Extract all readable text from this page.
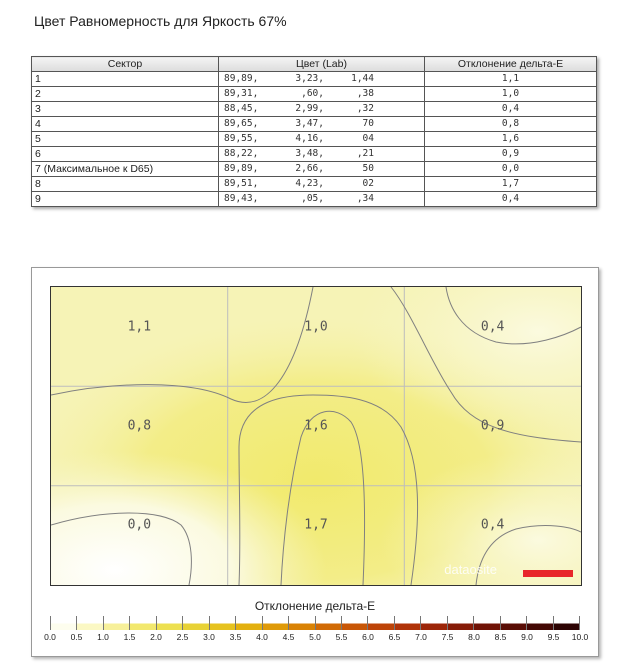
Цвет Равномерность для Яркость 67%
Сектор	Цвет (Lab)	Отклонение дельта-Е
1	89,89, 3,23, 1,44	1,1
2	89,31, ,60, ,38	1,0
3	88,45, 2,99, ,32	0,4
4	89,65, 3,47, 70	0,8
5	89,55, 4,16, 04	1,6
6	88,22, 3,48, ,21	0,9
7 (Максимальное к D65)	89,89, 2,66, 50	0,0
8	89,51, 4,23, 02	1,7
9	89,43, ,05, ,34	0,4
1,1	1,0	0,4
0,8	1,6	0,9
0,0	1,7	0,4
dataosite
Отклонение дельта-Е
0.0 0.5 1.0 1.5 2.0 2.5 3.0 3.5 4.0 4.5 5.0 5.5 6.0 6.5 7.0 7.5 8.0 8.5 9.0 9.5 10.0
